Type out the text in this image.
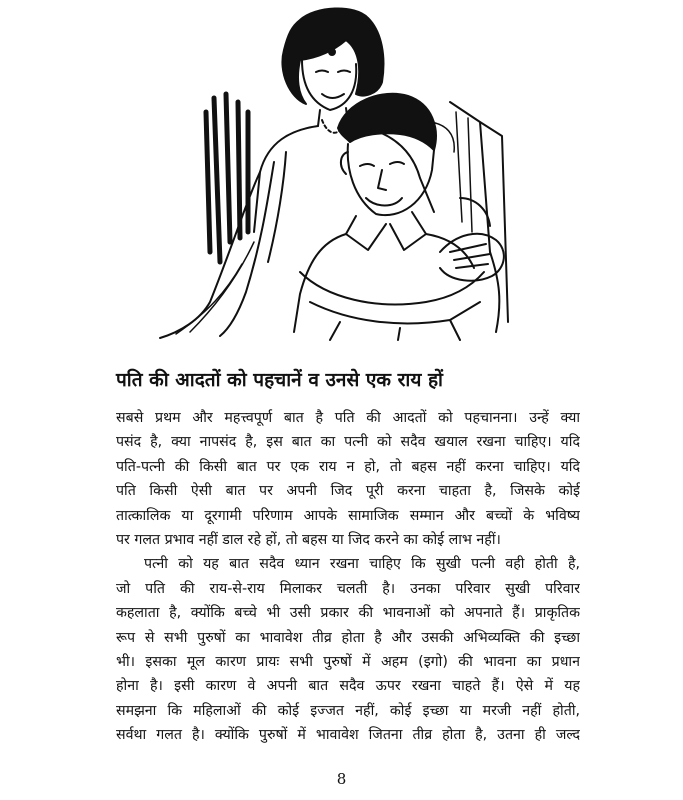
पति की आदतों को पहचानें व उनसे एक राय हों
सबसे प्रथम और महत्त्वपूर्ण बात है पति की आदतों को पहचानना। उन्हें क्या
पसंद है, क्या नापसंद है, इस बात का पत्नी को सदैव खयाल रखना चाहिए। यदि
पति-पत्नी की किसी बात पर एक राय न हो, तो बहस नहीं करना चाहिए। यदि
पति किसी ऐसी बात पर अपनी जिद पूरी करना चाहता है, जिसके कोई
तात्कालिक या दूरगामी परिणाम आपके सामाजिक सम्मान और बच्चों के भविष्य
पर गलत प्रभाव नहीं डाल रहे हों, तो बहस या जिद करने का कोई लाभ नहीं।
पत्नी को यह बात सदैव ध्यान रखना चाहिए कि सुखी पत्नी वही होती है,
जो पति की राय-से-राय मिलाकर चलती है। उनका परिवार सुखी परिवार
कहलाता है, क्योंकि बच्चे भी उसी प्रकार की भावनाओं को अपनाते हैं। प्राकृतिक
रूप से सभी पुरुषों का भावावेश तीव्र होता है और उसकी अभिव्यक्ति की इच्छा
भी। इसका मूल कारण प्रायः सभी पुरुषों में अहम (इगो) की भावना का प्रधान
होना है। इसी कारण वे अपनी बात सदैव ऊपर रखना चाहते हैं। ऐसे में यह
समझना कि महिलाओं की कोई इज्जत नहीं, कोई इच्छा या मरजी नहीं होती,
सर्वथा गलत है। क्योंकि पुरुषों में भावावेश जितना तीव्र होता है, उतना ही जल्द
8
